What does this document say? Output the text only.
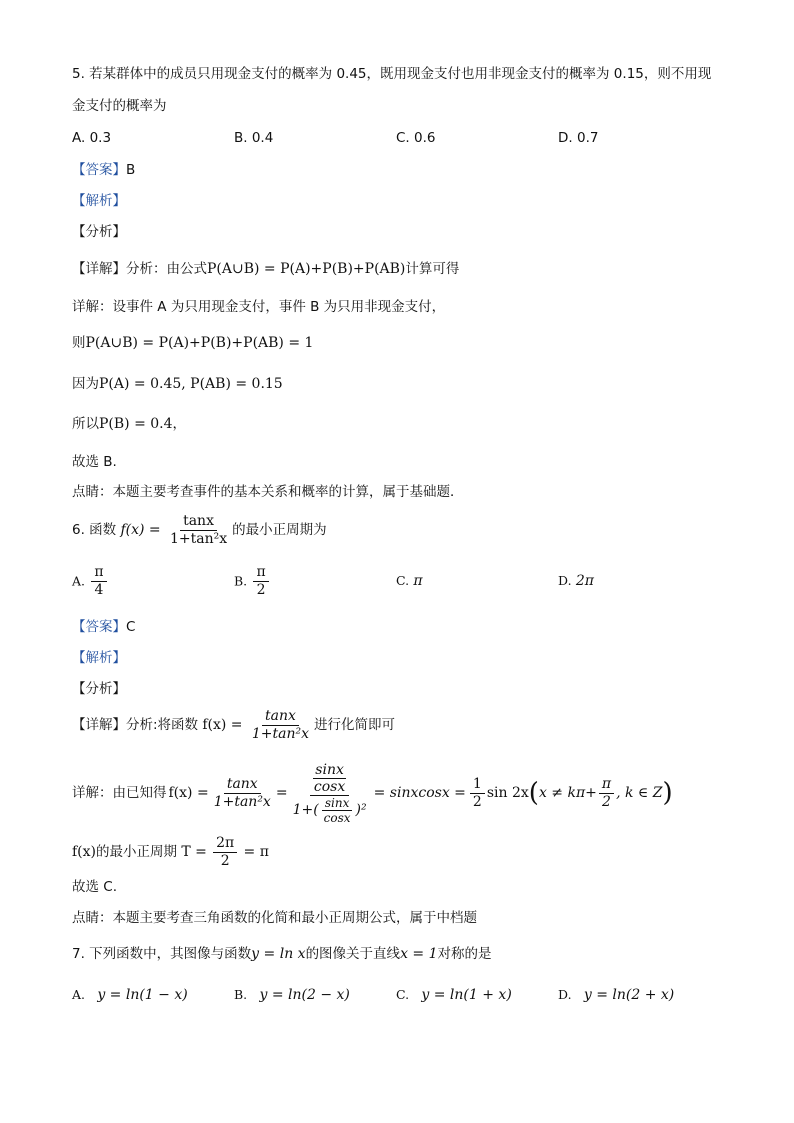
5. 若某群体中的成员只用现金支付的概率为 0.45，既用现金支付也用非现金支付的概率为 0.15，则不用现
金支付的概率为
A. 0.3	B. 0.4	C. 0.6	D. 0.7
【答案】B
【解析】
【分析】
【详解】分析：由公式P(A∪B) = P(A)+P(B)+P(AB)计算可得
详解：设事件 A 为只用现金支付，事件 B 为只用非现金支付，
则P(A∪B) = P(A)+P(B)+P(AB) = 1
因为P(A) = 0.45, P(AB) = 0.15
所以P(B) = 0.4，
故选 B.
点睛：本题主要考查事件的基本关系和概率的计算，属于基础题．
6. 函数 $f(x) = \frac{\tan x}{\text{1+tan²x}}$ 的最小正周期为
A. $\frac{\pi}{4}$	B. $\frac{\pi}{2}$	C. π	D. 2π
【答案】C
【解析】
【分析】
【详解】分析:将函数 $f(x) = \frac{\tan x}{\text{1+tan²x}}$ 进行化简即可
详解：由已知得 $f(x) = \frac{\tan x}{\text{1+tan²x}} = \frac{\sin x}{\cos x}$
$1+( \frac{\sin x}{\cos x} )^2$
= sinxcosx = $\frac{1}{2}$ sin 2x ( $x \ne k\pi+ \frac{\pi}{2}$ , k ∈ Z )
f(x)的最小正周期 $T = \frac{2\pi}{2} = \pi$
故选 C.
点睛：本题主要考查三角函数的化简和最小正周期公式，属于中档题
7. 下列函数中，其图像与函数y = ln x的图像关于直线x = 1对称的是
A. y = ln(1 − x)	B. y = ln(2 − x)	C. y = ln(1 + x)	D. y = ln(2 + x)
